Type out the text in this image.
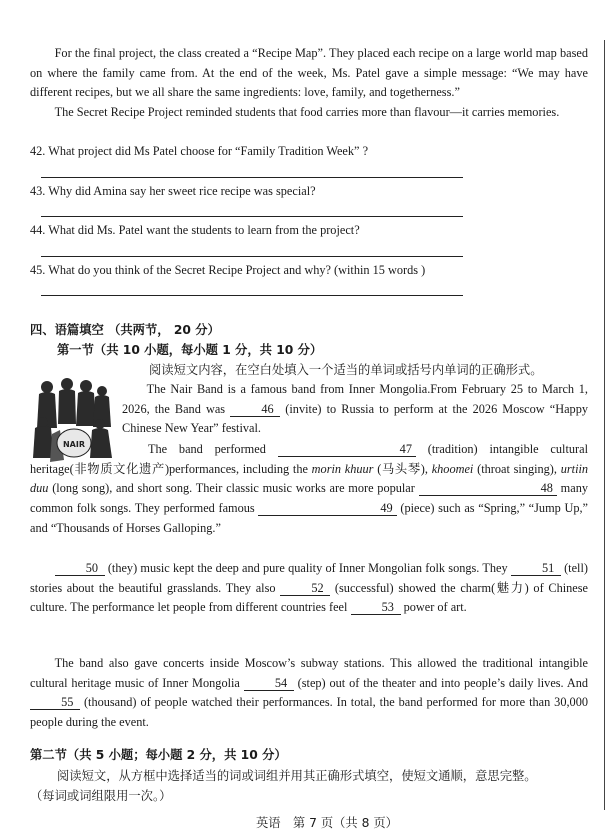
For the final project, the class created a “Recipe Map”. They placed each recipe on a large world map based on where the family came from. At the end of the week, Ms. Patel gave a simple message: “We may have different recipes, but we all share the same ingredients: love, family, and togetherness.”

The Secret Recipe Project reminded students that food carries more than flavour—it carries memories.

42. What project did Ms Patel choose for “Family Tradition Week” ?

43. Why did Amina say her sweet rice recipe was special?

44. What did Ms. Patel want the students to learn from the project?

45. What do you think of the Secret Recipe Project and why? (within 15 words )

四、语篇填空 （共两节， 20 分）

第一节（共 10 小题，每小题 1 分，共 10 分）

阅读短文内容，在空白处填入一个适当的单词或括号内单词的正确形式。

NAIR

The Nair Band is a famous band from Inner Mongolia.From February 25 to March 1, 2026, the Band was	46 (invite) to Russia to perform at the 2026 Moscow “Happy Chinese New Year” festival.

The band performed	47 (tradition) intangible cultural heritage(非物质文化遗产)performances, including the morin khuur (马头琴), khoomei (throat singing), urtiin duu (long song), and short song. Their classic music works are more popular	48 many common folk songs. They performed famous	49 (piece) such as “Spring,” “Jump Up,” and “Thousands of Horses Galloping.”

50 (they) music kept the deep and pure quality of Inner Mongolian folk songs. They	51 (tell) stories about the beautiful grasslands. They also	52 (successful) showed the charm(魅力) of Chinese culture. The performance let people from different countries feel	53 power of art.

The band also gave concerts inside Moscow’s subway stations. This allowed the traditional intangible cultural heritage music of Inner Mongolia	54 (step) out of the theater and into people’s daily lives. And 55 (thousand) of people watched their performances. In total, the band performed for more than 30,000 people during the event.

第二节（共 5 小题；每小题 2 分，共 10 分）

阅读短文，从方框中选择适当的词或词组并用其正确形式填空，使短文通顺，意思完整。

（每词或词组限用一次。）

英语　第 7 页（共 8 页）
